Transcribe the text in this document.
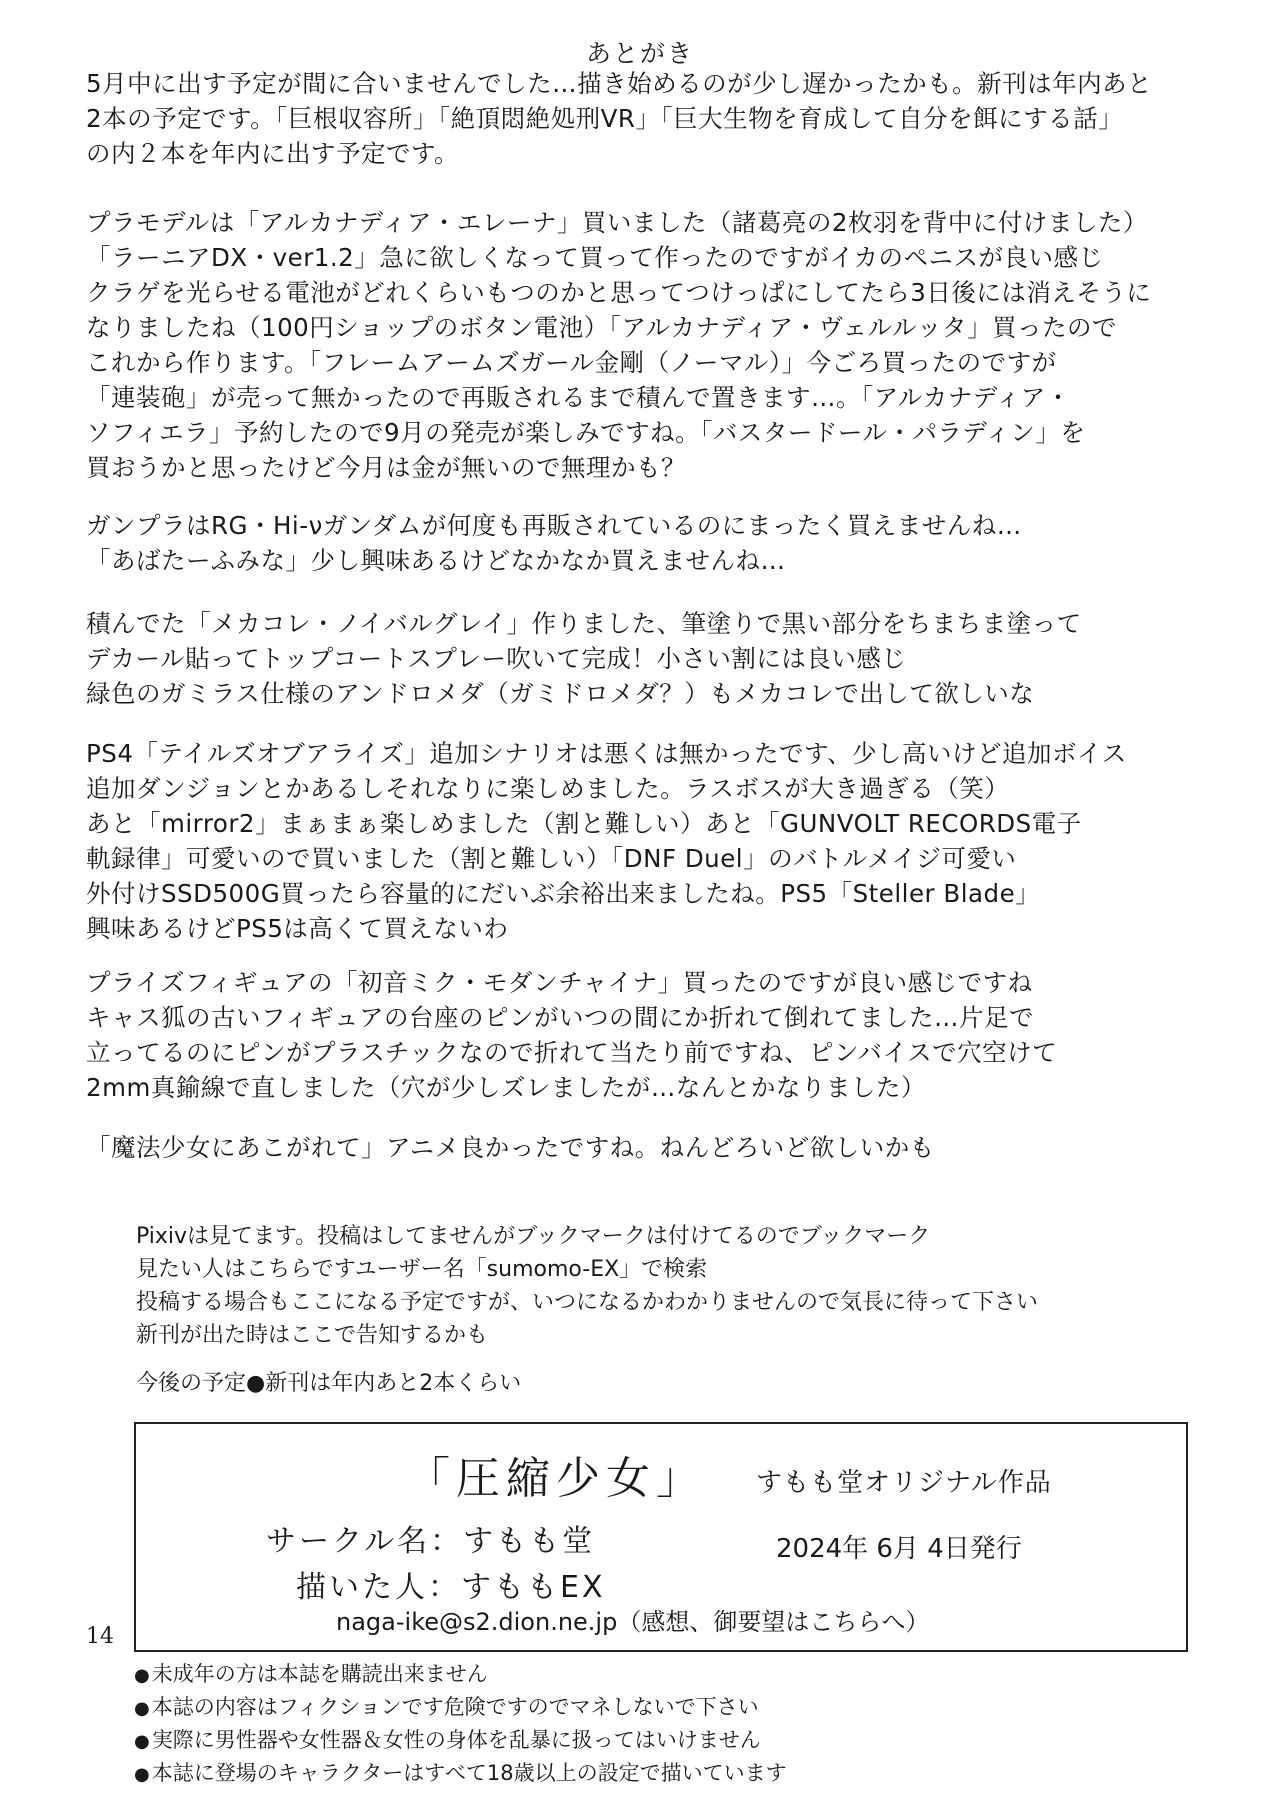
あとがき
5月中に出す予定が間に合いませんでした…描き始めるのが少し遅かったかも。新刊は年内あと
2本の予定です。「巨根収容所」「絶頂悶絶処刑VR」「巨大生物を育成して自分を餌にする話」
の内２本を年内に出す予定です。
プラモデルは「アルカナディア・エレーナ」買いました（諸葛亮の2枚羽を背中に付けました）
「ラーニアDX・ver1.2」急に欲しくなって買って作ったのですがイカのペニスが良い感じ
クラゲを光らせる電池がどれくらいもつのかと思ってつけっぱにしてたら3日後には消えそうに
なりましたね（100円ショップのボタン電池）「アルカナディア・ヴェルルッタ」買ったので
これから作ります。「フレームアームズガール金剛（ノーマル）」今ごろ買ったのですが
「連装砲」が売って無かったので再販されるまで積んで置きます…。「アルカナディア・
ソフィエラ」予約したので9月の発売が楽しみですね。「バスタードール・パラディン」を
買おうかと思ったけど今月は金が無いので無理かも？
ガンプラはRG・Hi-νガンダムが何度も再販されているのにまったく買えませんね…
「あばたーふみな」少し興味あるけどなかなか買えませんね…
積んでた「メカコレ・ノイバルグレイ」作りました、筆塗りで黒い部分をちまちま塗って
デカール貼ってトップコートスプレー吹いて完成！小さい割には良い感じ
緑色のガミラス仕様のアンドロメダ（ガミドロメダ？）もメカコレで出して欲しいな
PS4「テイルズオブアライズ」追加シナリオは悪くは無かったです、少し高いけど追加ボイス
追加ダンジョンとかあるしそれなりに楽しめました。ラスボスが大き過ぎる（笑）
あと「mirror2」まぁまぁ楽しめました（割と難しい）あと「GUNVOLT RECORDS電子
軌録律」可愛いので買いました（割と難しい）「DNF Duel」のバトルメイジ可愛い
外付けSSD500G買ったら容量的にだいぶ余裕出来ましたね。PS5「Steller Blade」
興味あるけどPS5は高くて買えないわ
プライズフィギュアの「初音ミク・モダンチャイナ」買ったのですが良い感じですね
キャス狐の古いフィギュアの台座のピンがいつの間にか折れて倒れてました…片足で
立ってるのにピンがプラスチックなので折れて当たり前ですね、ピンバイスで穴空けて
2mm真鍮線で直しました（穴が少しズレましたが…なんとかなりました）
「魔法少女にあこがれて」アニメ良かったですね。ねんどろいど欲しいかも
Pixivは見てます。投稿はしてませんがブックマークは付けてるのでブックマーク
見たい人はこちらですユーザー名「sumomo-EX」で検索
投稿する場合もここになる予定ですが、いつになるかわかりませんので気長に待って下さい
新刊が出た時はここで告知するかも
今後の予定●新刊は年内あと2本くらい
「圧縮少女」 すもも堂オリジナル作品
サークル名：すもも堂
描いた人：すももEX
2024年 6月 4日発行
naga-ike@s2.dion.ne.jp（感想、御要望はこちらへ）
14
●未成年の方は本誌を購読出来ません
●本誌の内容はフィクションです危険ですのでマネしないで下さい
●実際に男性器や女性器＆女性の身体を乱暴に扱ってはいけません
●本誌に登場のキャラクターはすべて18歳以上の設定で描いています
